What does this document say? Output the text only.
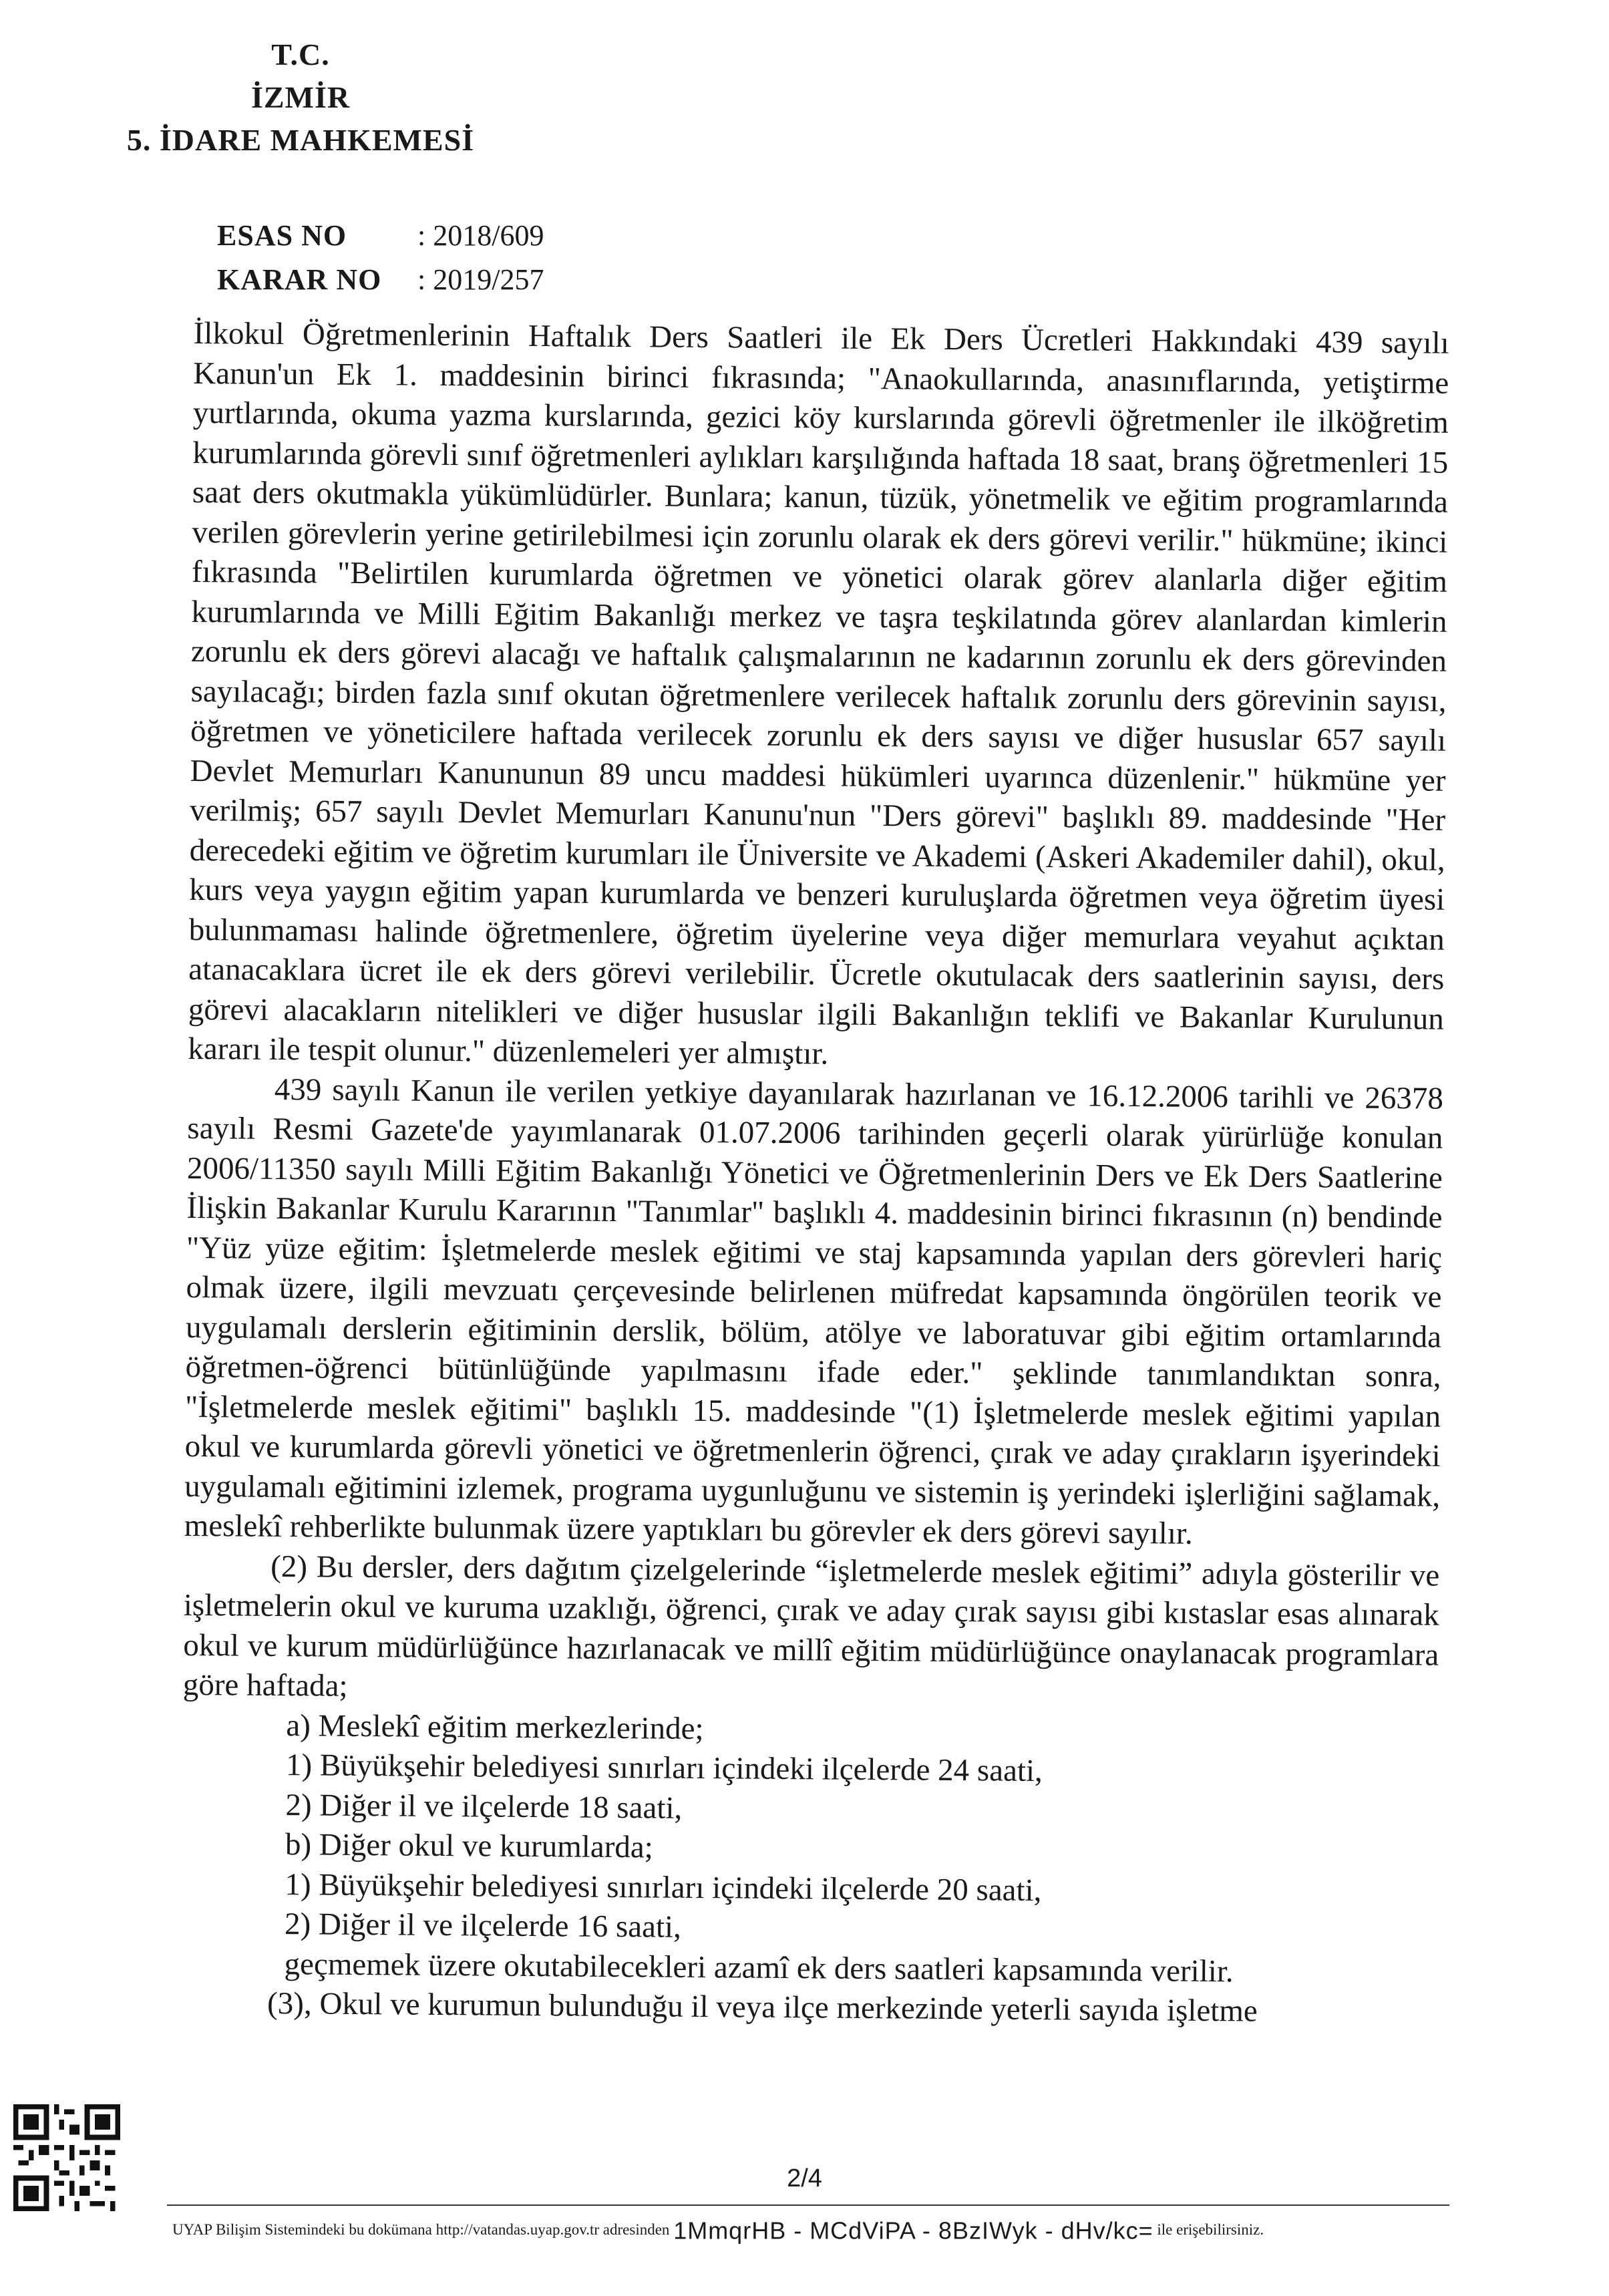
T.C.
İZMİR
5. İDARE MAHKEMESİ
ESAS NO	: 2018/609
KARAR NO	: 2019/257

İlkokul Öğretmenlerinin Haftalık Ders Saatleri ile Ek Ders Ücretleri Hakkındaki 439 sayılı Kanun'un Ek 1. maddesinin birinci fıkrasında; "Anaokullarında, anasınıflarında, yetiştirme yurtlarında, okuma yazma kurslarında, gezici köy kurslarında görevli öğretmenler ile ilköğretim kurumlarında görevli sınıf öğretmenleri aylıkları karşılığında haftada 18 saat, branş öğretmenleri 15 saat ders okutmakla yükümlüdürler. Bunlara; kanun, tüzük, yönetmelik ve eğitim programlarında verilen görevlerin yerine getirilebilmesi için zorunlu olarak ek ders görevi verilir." hükmüne; ikinci fıkrasında "Belirtilen kurumlarda öğretmen ve yönetici olarak görev alanlarla diğer eğitim kurumlarında ve Milli Eğitim Bakanlığı merkez ve taşra teşkilatında görev alanlardan kimlerin zorunlu ek ders görevi alacağı ve haftalık çalışmalarının ne kadarının zorunlu ek ders görevinden sayılacağı; birden fazla sınıf okutan öğretmenlere verilecek haftalık zorunlu ders görevinin sayısı, öğretmen ve yöneticilere haftada verilecek zorunlu ek ders sayısı ve diğer hususlar 657 sayılı Devlet Memurları Kanununun 89 uncu maddesi hükümleri uyarınca düzenlenir." hükmüne yer verilmiş; 657 sayılı Devlet Memurları Kanunu'nun "Ders görevi" başlıklı 89. maddesinde "Her derecedeki eğitim ve öğretim kurumları ile Üniversite ve Akademi (Askeri Akademiler dahil), okul, kurs veya yaygın eğitim yapan kurumlarda ve benzeri kuruluşlarda öğretmen veya öğretim üyesi bulunmaması halinde öğretmenlere, öğretim üyelerine veya diğer memurlara veyahut açıktan atanacaklara ücret ile ek ders görevi verilebilir. Ücretle okutulacak ders saatlerinin sayısı, ders görevi alacakların nitelikleri ve diğer hususlar ilgili Bakanlığın teklifi ve Bakanlar Kurulunun kararı ile tespit olunur." düzenlemeleri yer almıştır.

439 sayılı Kanun ile verilen yetkiye dayanılarak hazırlanan ve 16.12.2006 tarihli ve 26378 sayılı Resmi Gazete'de yayımlanarak 01.07.2006 tarihinden geçerli olarak yürürlüğe konulan 2006/11350 sayılı Milli Eğitim Bakanlığı Yönetici ve Öğretmenlerinin Ders ve Ek Ders Saatlerine İlişkin Bakanlar Kurulu Kararının "Tanımlar" başlıklı 4. maddesinin birinci fıkrasının (n) bendinde "Yüz yüze eğitim: İşletmelerde meslek eğitimi ve staj kapsamında yapılan ders görevleri hariç olmak üzere, ilgili mevzuatı çerçevesinde belirlenen müfredat kapsamında öngörülen teorik ve uygulamalı derslerin eğitiminin derslik, bölüm, atölye ve laboratuvar gibi eğitim ortamlarında öğretmen-öğrenci bütünlüğünde yapılmasını ifade eder." şeklinde tanımlandıktan sonra, "İşletmelerde meslek eğitimi" başlıklı 15. maddesinde "(1) İşletmelerde meslek eğitimi yapılan okul ve kurumlarda görevli yönetici ve öğretmenlerin öğrenci, çırak ve aday çırakların işyerindeki uygulamalı eğitimini izlemek, programa uygunluğunu ve sistemin iş yerindeki işlerliğini sağlamak, meslekî rehberlikte bulunmak üzere yaptıkları bu görevler ek ders görevi sayılır.

(2) Bu dersler, ders dağıtım çizelgelerinde “işletmelerde meslek eğitimi” adıyla gösterilir ve işletmelerin okul ve kuruma uzaklığı, öğrenci, çırak ve aday çırak sayısı gibi kıstaslar esas alınarak okul ve kurum müdürlüğünce hazırlanacak ve millî eğitim müdürlüğünce onaylanacak programlara göre haftada;

a) Meslekî eğitim merkezlerinde;

1) Büyükşehir belediyesi sınırları içindeki ilçelerde 24 saati,

2) Diğer il ve ilçelerde 18 saati,

b) Diğer okul ve kurumlarda;

1) Büyükşehir belediyesi sınırları içindeki ilçelerde 20 saati,

2) Diğer il ve ilçelerde 16 saati,

geçmemek üzere okutabilecekleri azamî ek ders saatleri kapsamında verilir.

(3), Okul ve kurumun bulunduğu il veya ilçe merkezinde yeterli sayıda işletme

2/4
UYAP Bilişim Sistemindeki bu dokümana http://vatandas.uyap.gov.tr adresinden 1MmqrHB - MCdViPA - 8BzIWyk - dHv/kc= ile erişebilirsiniz.
